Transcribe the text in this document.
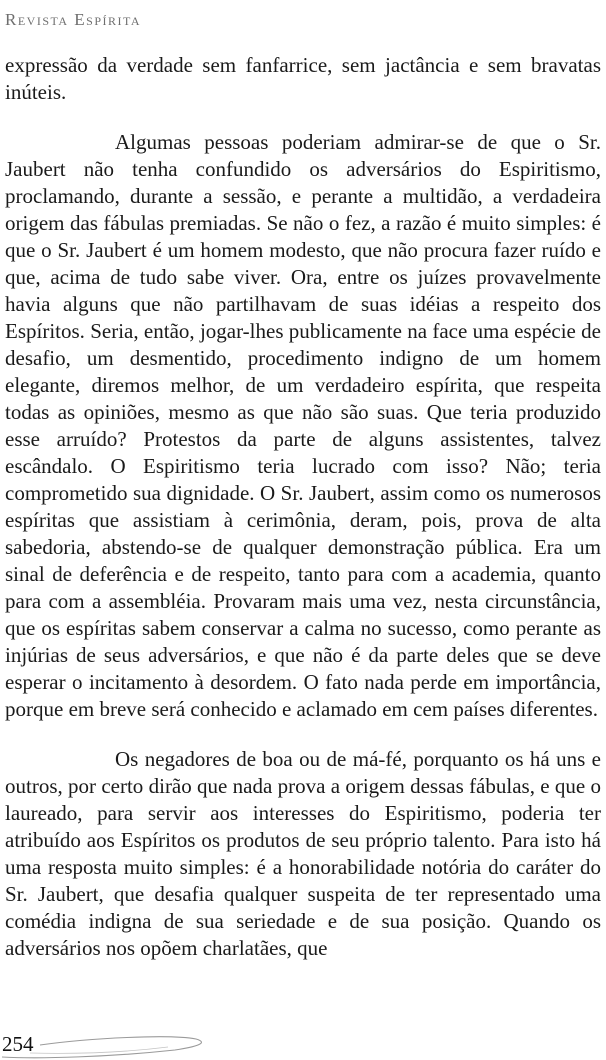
Revista Espírita

expressão da verdade sem fanfarrice, sem jactância e sem bravatas inúteis.

Algumas pessoas poderiam admirar-se de que o Sr. Jaubert não tenha confundido os adversários do Espiritismo, proclamando, durante a sessão, e perante a multidão, a verdadeira origem das fábulas premiadas. Se não o fez, a razão é muito simples: é que o Sr. Jaubert é um homem modesto, que não procura fazer ruído e que, acima de tudo sabe viver. Ora, entre os juízes provavelmente havia alguns que não partilhavam de suas idéias a respeito dos Espíritos. Seria, então, jogar-lhes publicamente na face uma espécie de desafio, um desmentido, procedimento indigno de um homem elegante, diremos melhor, de um verdadeiro espírita, que respeita todas as opiniões, mesmo as que não são suas. Que teria produzido esse arruído? Protestos da parte de alguns assistentes, talvez escândalo. O Espiritismo teria lucrado com isso? Não; teria comprometido sua dignidade. O Sr. Jaubert, assim como os numerosos espíritas que assistiam à cerimônia, deram, pois, prova de alta sabedoria, abstendo-se de qualquer demonstração pública. Era um sinal de deferência e de respeito, tanto para com a academia, quanto para com a assembléia. Provaram mais uma vez, nesta circunstância, que os espíritas sabem conservar a calma no sucesso, como perante as injúrias de seus adversários, e que não é da parte deles que se deve esperar o incitamento à desordem. O fato nada perde em importância, porque em breve será conhecido e aclamado em cem países diferentes.

Os negadores de boa ou de má-fé, porquanto os há uns e outros, por certo dirão que nada prova a origem dessas fábulas, e que o laureado, para servir aos interesses do Espiritismo, poderia ter atribuído aos Espíritos os produtos de seu próprio talento. Para isto há uma resposta muito simples: é a honorabilidade notória do caráter do Sr. Jaubert, que desafia qualquer suspeita de ter representado uma comédia indigna de sua seriedade e de sua posição. Quando os adversários nos opõem charlatães, que

254
